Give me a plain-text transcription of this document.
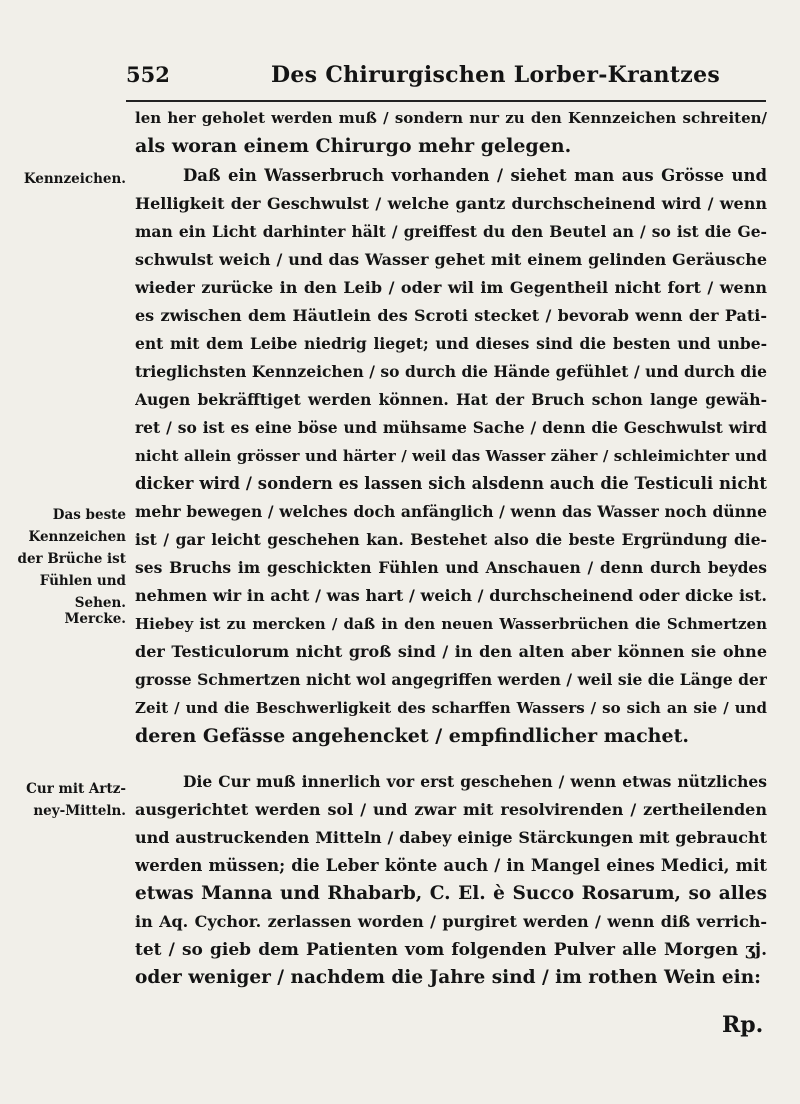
552	Des Chirurgischen Lorber-Krantzes
Kennzeichen.
Das beste
Kennzeichen
der Brüche ist
Fühlen und
Sehen.
Mercke.
Cur mit Artz-
ney-Mitteln.
len her geholet werden muß / sondern nur zu den Kennzeichen schreiten/
als woran einem Chirurgo mehr gelegen.
Daß ein Wasserbruch vorhanden / siehet man aus Grösse und
Helligkeit der Geschwulst / welche gantz durchscheinend wird / wenn
man ein Licht darhinter hält / greiffest du den Beutel an / so ist die Ge-
schwulst weich / und das Wasser gehet mit einem gelinden Geräusche
wieder zurücke in den Leib / oder wil im Gegentheil nicht fort / wenn
es zwischen dem Häutlein des Scroti stecket / bevorab wenn der Pati-
ent mit dem Leibe niedrig lieget; und dieses sind die besten und unbe-
trieglichsten Kennzeichen / so durch die Hände gefühlet / und durch die
Augen bekräfftiget werden können. Hat der Bruch schon lange gewäh-
ret / so ist es eine böse und mühsame Sache / denn die Geschwulst wird
nicht allein grösser und härter / weil das Wasser zäher / schleimichter und
dicker wird / sondern es lassen sich alsdenn auch die Testiculi nicht
mehr bewegen / welches doch anfänglich / wenn das Wasser noch dünne
ist / gar leicht geschehen kan. Bestehet also die beste Ergründung die-
ses Bruchs im geschickten Fühlen und Anschauen / denn durch beydes
nehmen wir in acht / was hart / weich / durchscheinend oder dicke ist.
Hiebey ist zu mercken / daß in den neuen Wasserbrüchen die Schmertzen
der Testiculorum nicht groß sind / in den alten aber können sie ohne
grosse Schmertzen nicht wol angegriffen werden / weil sie die Länge der
Zeit / und die Beschwerligkeit des scharffen Wassers / so sich an sie / und
deren Gefässe angehencket / empfindlicher machet.
Die Cur muß innerlich vor erst geschehen / wenn etwas nützliches
ausgerichtet werden sol / und zwar mit resolvirenden / zertheilenden
und austruckenden Mitteln / dabey einige Stärckungen mit gebraucht
werden müssen; die Leber könte auch / in Mangel eines Medici, mit
etwas Manna und Rhabarb, C. El. è Succo Rosarum, so alles
in Aq. Cychor. zerlassen worden / purgiret werden / wenn diß verrich-
tet / so gieb dem Patienten vom folgenden Pulver alle Morgen ʒj.
oder weniger / nachdem die Jahre sind / im rothen Wein ein:
Rp.
